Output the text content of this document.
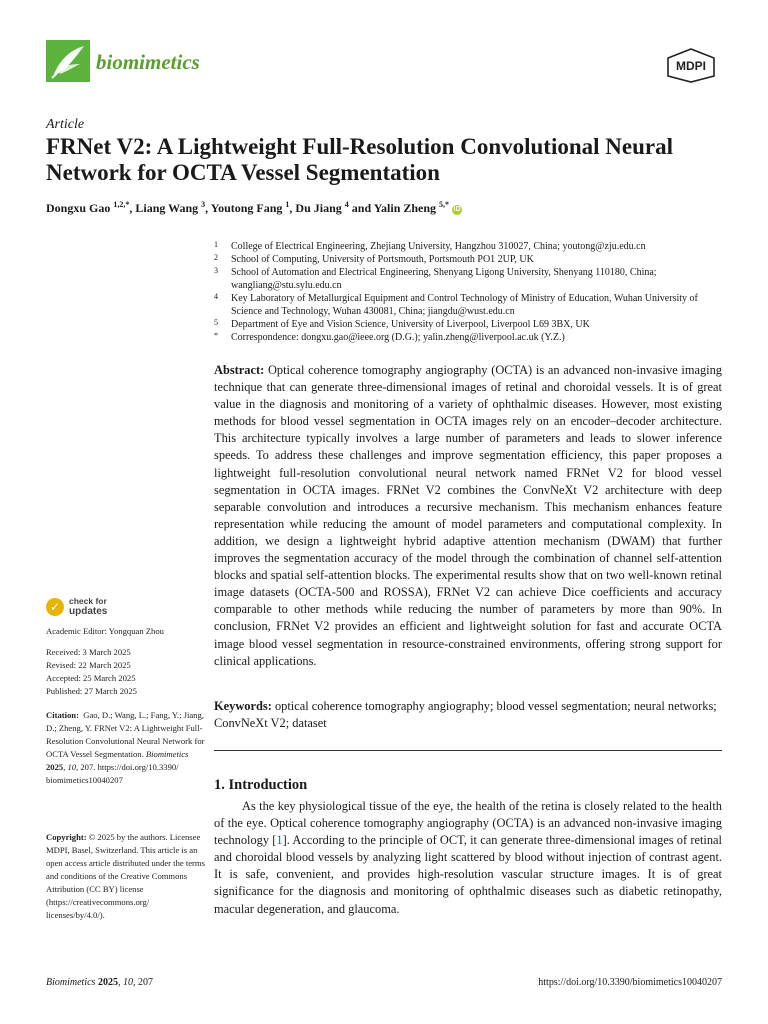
biomimetics	MDPI
Article
FRNet V2: A Lightweight Full-Resolution Convolutional Neural Network for OCTA Vessel Segmentation
Dongxu Gao $^{1,2,*}$, Liang Wang $^3$, Youtong Fang $^1$, Du Jiang $^4$ and Yalin Zheng $^{5,*}$ iD
1	College of Electrical Engineering, Zhejiang University, Hangzhou 310027, China; youtong@zju.edu.cn
2	School of Computing, University of Portsmouth, Portsmouth PO1 2UP, UK
3	School of Automation and Electrical Engineering, Shenyang Ligong University, Shenyang 110180, China; wangliang@stu.sylu.edu.cn
4	Key Laboratory of Metallurgical Equipment and Control Technology of Ministry of Education, Wuhan University of Science and Technology, Wuhan 430081, China; jiangdu@wust.edu.cn
5	Department of Eye and Vision Science, University of Liverpool, Liverpool L69 3BX, UK
*	Correspondence: dongxu.gao@ieee.org (D.G.); yalin.zheng@liverpool.ac.uk (Y.Z.)
Abstract: Optical coherence tomography angiography (OCTA) is an advanced non-invasive imaging technique that can generate three-dimensional images of retinal and choroidal vessels. It is of great value in the diagnosis and monitoring of a variety of ophthalmic diseases. However, most existing methods for blood vessel segmentation in OCTA images rely on an encoder–decoder architecture. This architecture typically involves a large number of parameters and leads to slower inference speeds. To address these challenges and improve segmentation efficiency, this paper proposes a lightweight full-resolution convolutional neural network named FRNet V2 for blood vessel segmentation in OCTA images. FRNet V2 combines the ConvNeXt V2 architecture with deep separable convolution and introduces a recursive mechanism. This mechanism enhances feature representation while reducing the amount of model parameters and computational complexity. In addition, we design a lightweight hybrid adaptive attention mechanism (DWAM) that further improves the segmentation accuracy of the model through the combination of channel self-attention blocks and spatial self-attention blocks. The experimental results show that on two well-known retinal image datasets (OCTA-500 and ROSSA), FRNet V2 can achieve Dice coefficients and accuracy comparable to other methods while reducing the number of parameters by more than 90%. In conclusion, FRNet V2 provides an efficient and lightweight solution for fast and accurate OCTA image blood vessel segmentation in resource-constrained environments, offering strong support for clinical applications.
Keywords: optical coherence tomography angiography; blood vessel segmentation; neural networks; ConvNeXt V2; dataset
1. Introduction
As the key physiological tissue of the eye, the health of the retina is closely related to the health of the eye. Optical coherence tomography angiography (OCTA) is an advanced non-invasive imaging technology [1]. According to the principle of OCT, it can generate three-dimensional images of retinal and choroidal blood vessels by analyzing light scattered by blood without injection of contrast agent. It is safe, convenient, and provides high-resolution vascular structure images. It is of great significance for the diagnosis and monitoring of ophthalmic diseases such as diabetic retinopathy, macular degeneration, and glaucoma.
✓	check for
updates
Academic Editor: Yongquan Zhou
Received: 3 March 2025
Revised: 22 March 2025
Accepted: 25 March 2025
Published: 27 March 2025
Citation: Gao, D.; Wang, L.; Fang, Y.; Jiang, D.; Zheng, Y. FRNet V2: A Lightweight Full-Resolution Convolutional Neural Network for OCTA Vessel Segmentation. Biomimetics 2025, 10, 207. https://doi.org/10.3390/ biomimetics10040207
Copyright: © 2025 by the authors. Licensee MDPI, Basel, Switzerland. This article is an open access article distributed under the terms and conditions of the Creative Commons Attribution (CC BY) license (https://creativecommons.org/ licenses/by/4.0/).
Biomimetics 2025, 10, 207	https://doi.org/10.3390/biomimetics10040207
